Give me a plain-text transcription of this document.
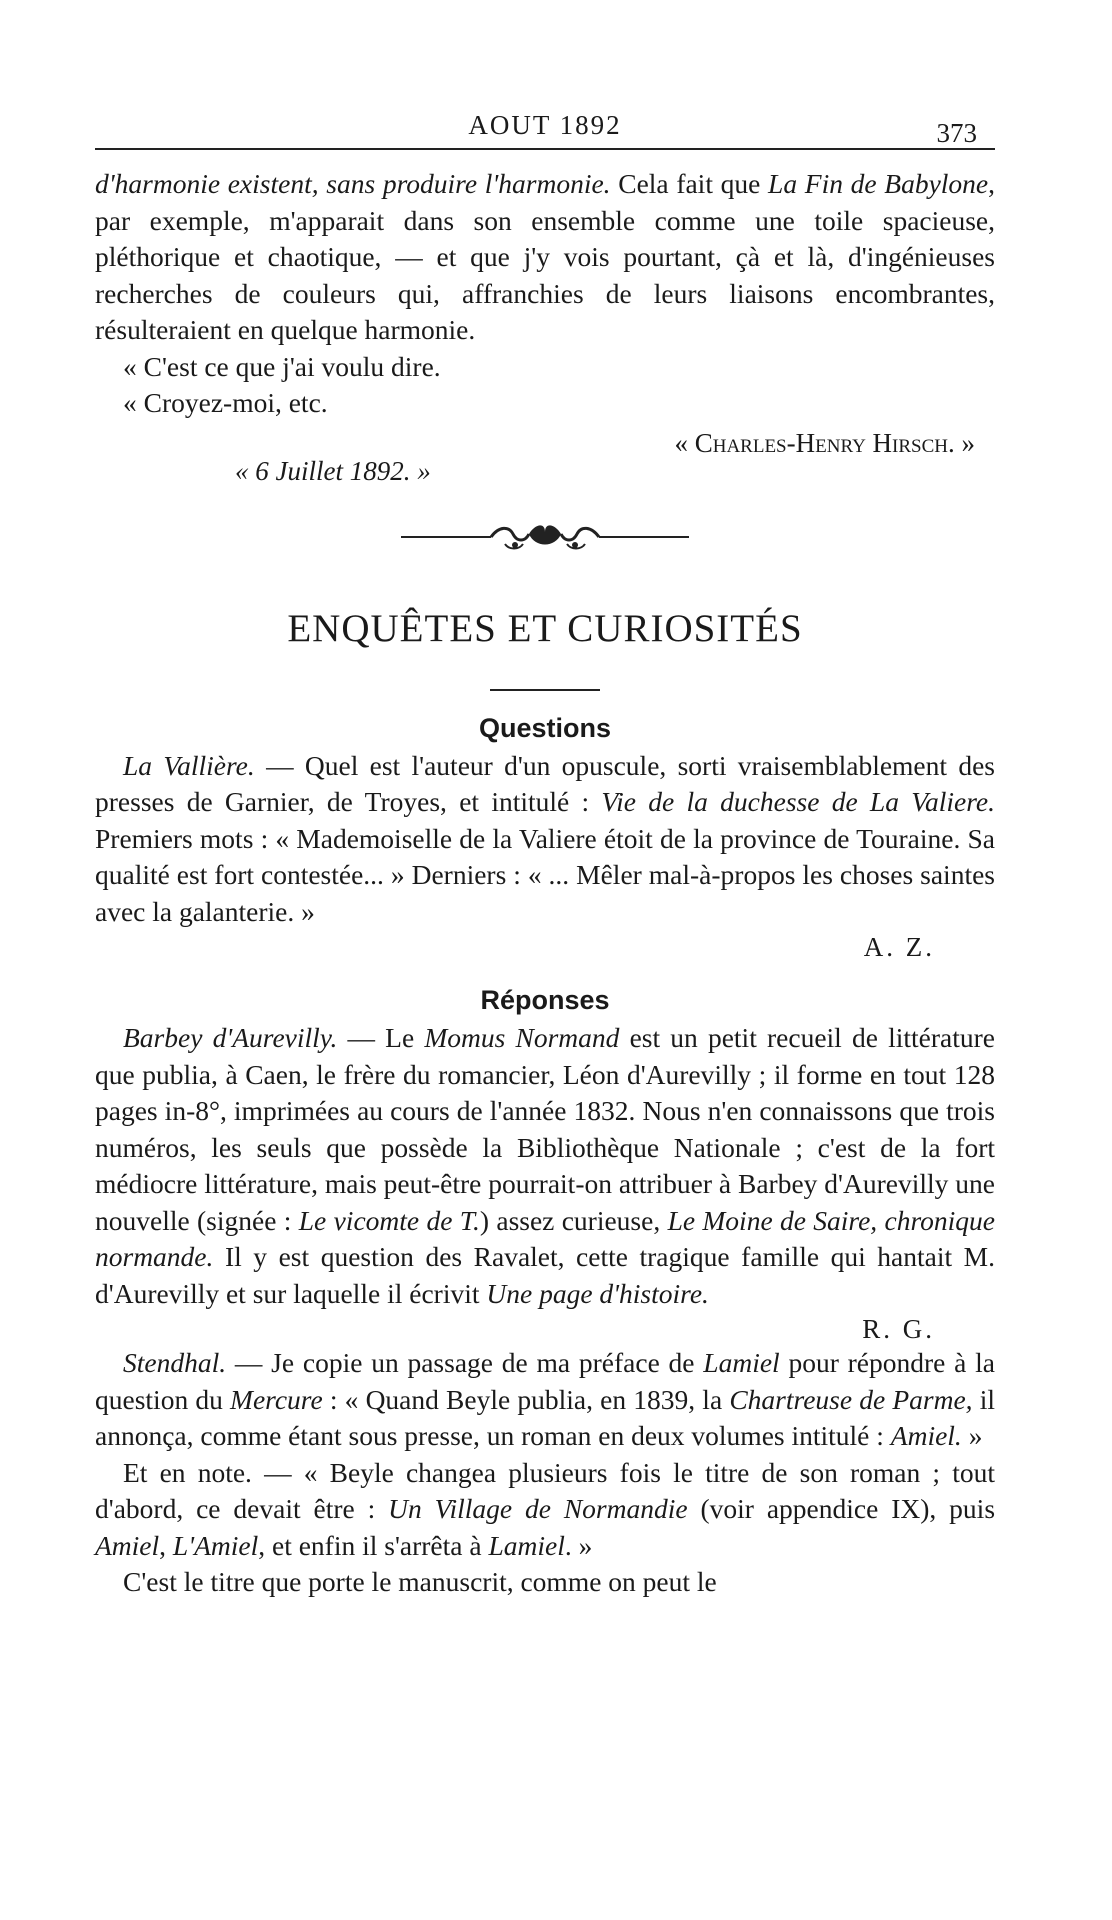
AOUT 1892	373

d'harmonie existent, sans produire l'harmonie. Cela fait que La Fin de Babylone, par exemple, m'apparait dans son ensemble comme une toile spacieuse, pléthorique et chaotique, — et que j'y vois pourtant, çà et là, d'ingénieuses recherches de couleurs qui, affranchies de leurs liaisons encombrantes, résulteraient en quelque harmonie.

« C'est ce que j'ai voulu dire.

« Croyez-moi, etc.

« Charles-Henry Hirsch. »
« 6 Juillet 1892. »
ENQUÊTES ET CURIOSITÉS
Questions

La Vallière. — Quel est l'auteur d'un opuscule, sorti vraisemblablement des presses de Garnier, de Troyes, et intitulé : Vie de la duchesse de La Valiere. Premiers mots : « Mademoiselle de la Valiere étoit de la province de Touraine. Sa qualité est fort contestée... » Derniers : « ... Mêler mal-à-propos les choses saintes avec la galanterie. »

A. Z.
Réponses

Barbey d'Aurevilly. — Le Momus Normand est un petit recueil de littérature que publia, à Caen, le frère du romancier, Léon d'Aurevilly ; il forme en tout 128 pages in-8°, imprimées au cours de l'année 1832. Nous n'en connaissons que trois numéros, les seuls que possède la Bibliothèque Nationale ; c'est de la fort médiocre littérature, mais peut-être pourrait-on attribuer à Barbey d'Aurevilly une nouvelle (signée : Le vicomte de T.) assez curieuse, Le Moine de Saire, chronique normande. Il y est question des Ravalet, cette tragique famille qui hantait M. d'Aurevilly et sur laquelle il écrivit Une page d'histoire.

R. G.

Stendhal. — Je copie un passage de ma préface de Lamiel pour répondre à la question du Mercure : « Quand Beyle publia, en 1839, la Chartreuse de Parme, il annonça, comme étant sous presse, un roman en deux volumes intitulé : Amiel. »

Et en note. — « Beyle changea plusieurs fois le titre de son roman ; tout d'abord, ce devait être : Un Village de Normandie (voir appendice IX), puis Amiel, L'Amiel, et enfin il s'arrêta à Lamiel. »

C'est le titre que porte le manuscrit, comme on peut le
